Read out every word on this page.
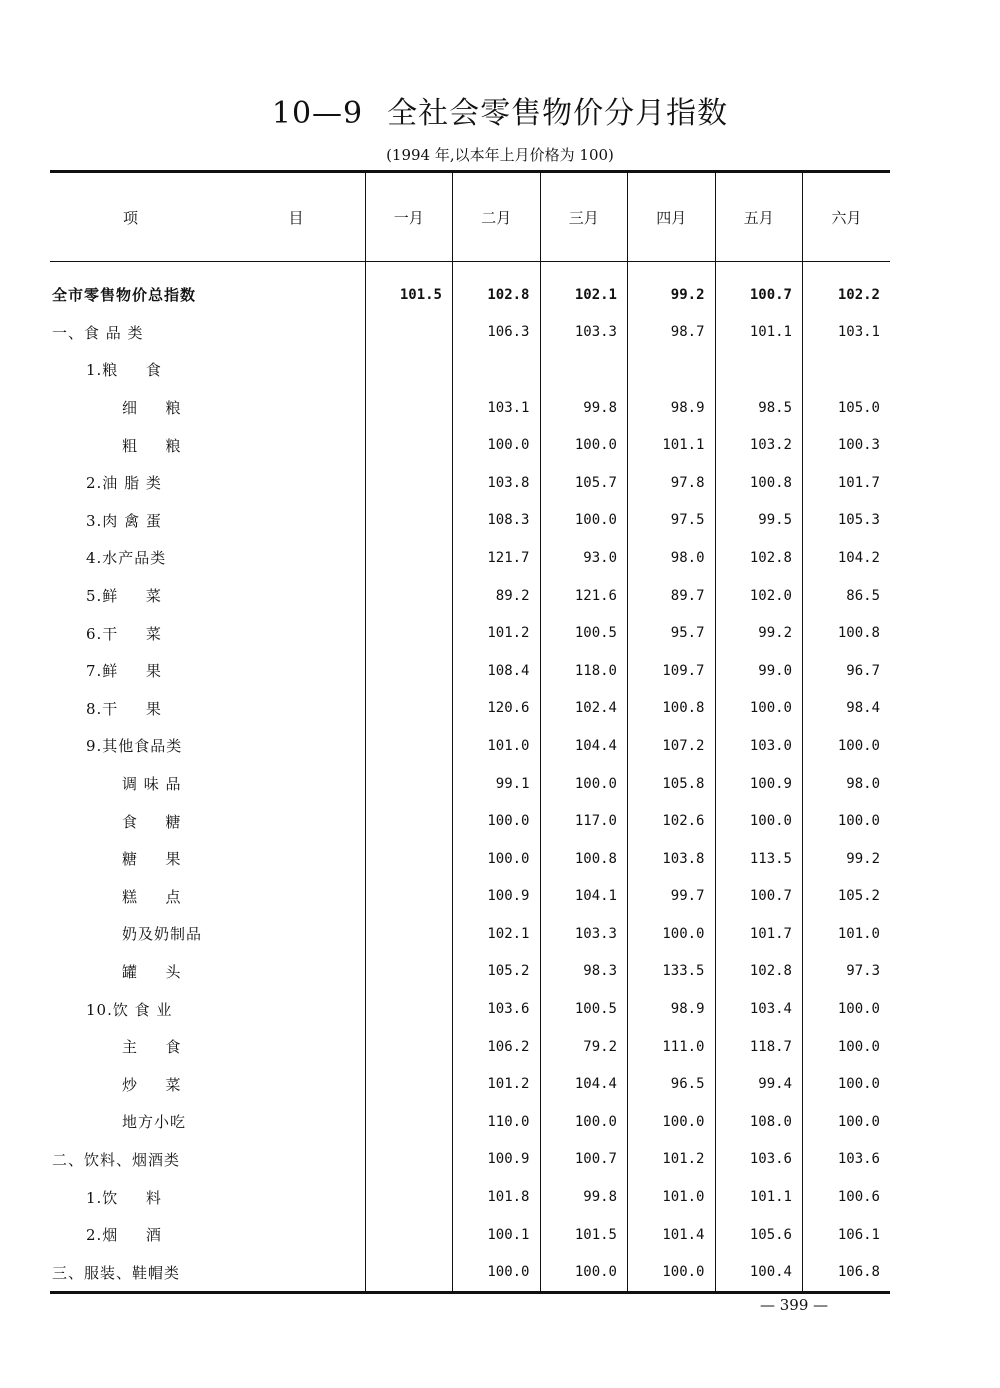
10—9 全社会零售物价分月指数
(1994 年,以本年上月价格为 100)
项 目	一月	二月	三月	四月	五月	六月
全市零售物价总指数	101.5	102.8	102.1	99.2	100.7	102.2
一、食 品 类		106.3	103.3	98.7	101.1	103.1
1.粮 　 食						
细 　 粮		103.1	99.8	98.9	98.5	105.0
粗 　 粮		100.0	100.0	101.1	103.2	100.3
2.油 脂 类		103.8	105.7	97.8	100.8	101.7
3.肉 禽 蛋		108.3	100.0	97.5	99.5	105.3
4.水产品类		121.7	93.0	98.0	102.8	104.2
5.鲜 　 菜		89.2	121.6	89.7	102.0	86.5
6.干 　 菜		101.2	100.5	95.7	99.2	100.8
7.鲜 　 果		108.4	118.0	109.7	99.0	96.7
8.干 　 果		120.6	102.4	100.8	100.0	98.4
9.其他食品类		101.0	104.4	107.2	103.0	100.0
调 味 品		99.1	100.0	105.8	100.9	98.0
食 　 糖		100.0	117.0	102.6	100.0	100.0
糖 　 果		100.0	100.8	103.8	113.5	99.2
糕 　 点		100.9	104.1	99.7	100.7	105.2
奶及奶制品		102.1	103.3	100.0	101.7	101.0
罐 　 头		105.2	98.3	133.5	102.8	97.3
10.饮 食 业		103.6	100.5	98.9	103.4	100.0
主 　 食		106.2	79.2	111.0	118.7	100.0
炒 　 菜		101.2	104.4	96.5	99.4	100.0
地方小吃		110.0	100.0	100.0	108.0	100.0
二、饮料、烟酒类		100.9	100.7	101.2	103.6	103.6
1.饮 　 料		101.8	99.8	101.0	101.1	100.6
2.烟 　 酒		100.1	101.5	101.4	105.6	106.1
三、服装、鞋帽类		100.0	100.0	100.0	100.4	106.8
— 399 —
